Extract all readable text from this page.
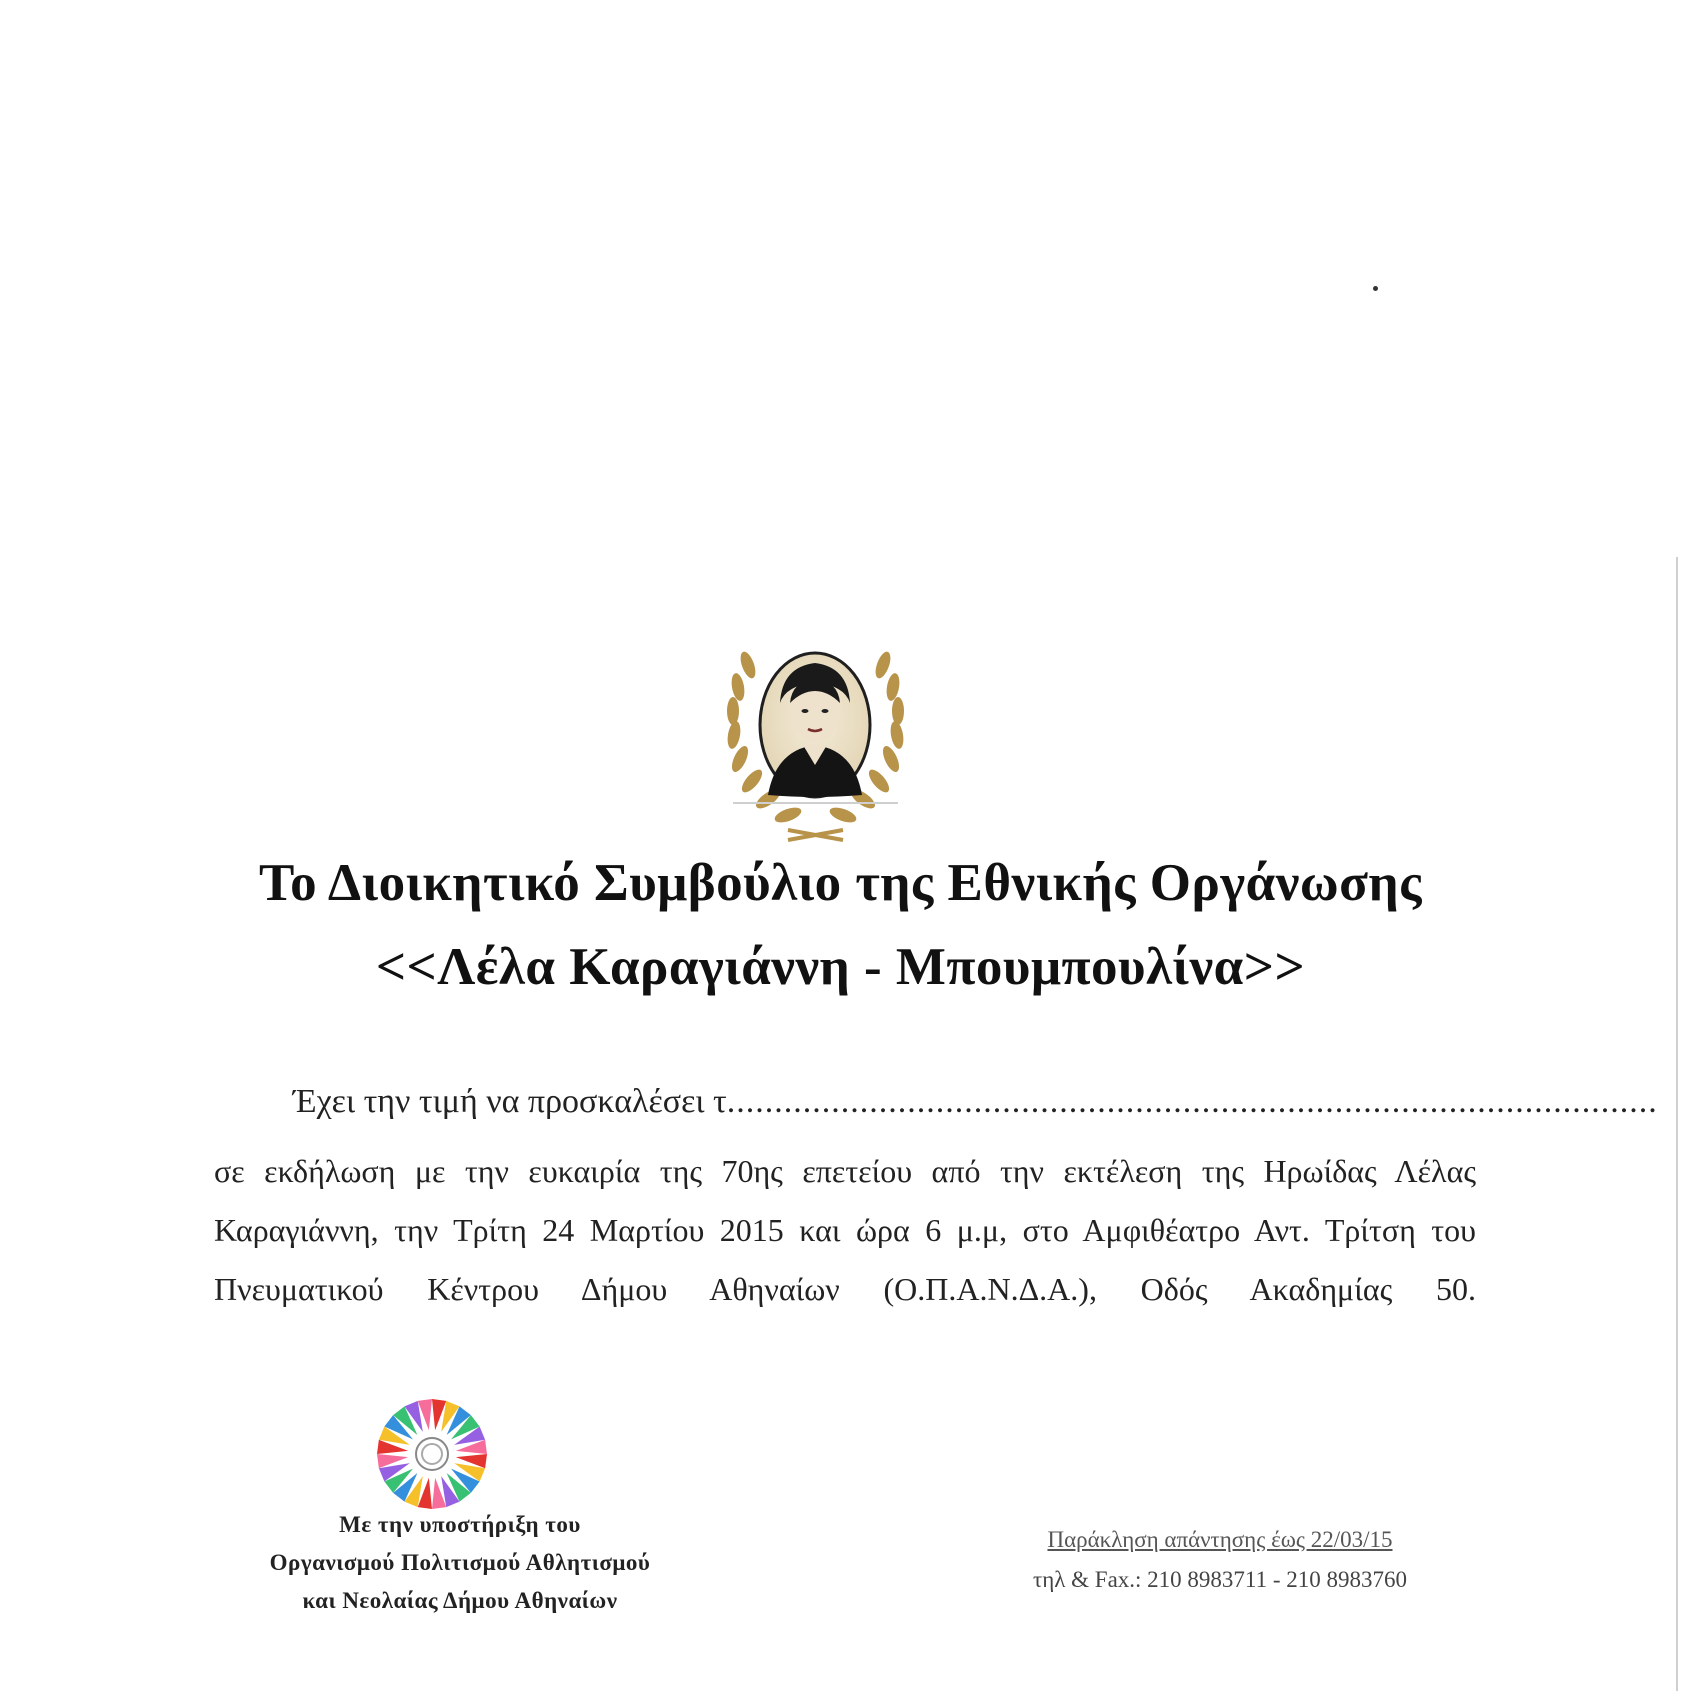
Το Διοικητικό Συμβούλιο της Εθνικής Οργάνωσης
<<Λέλα Καραγιάννη - Μπουμπουλίνα>>
Έχει την τιμή να προσκαλέσει τ..................................................................................................
σε εκδήλωση με την ευκαιρία της 70ης επετείου από την εκτέλεση της Ηρωίδας Λέλας
Καραγιάννη, την Τρίτη 24 Μαρτίου 2015 και ώρα 6 μ.μ, στο Αμφιθέατρο Αντ. Τρίτση του
Πνευματικού Κέντρου Δήμου Αθηναίων (Ο.Π.Α.Ν.Δ.Α.), Οδός Ακαδημίας 50.
Με την υποστήριξη του
Οργανισμού Πολιτισμού Αθλητισμού
και Νεολαίας Δήμου Αθηναίων
Παράκληση απάντησης έως 22/03/15
τηλ & Fax.: 210 8983711 - 210 8983760
